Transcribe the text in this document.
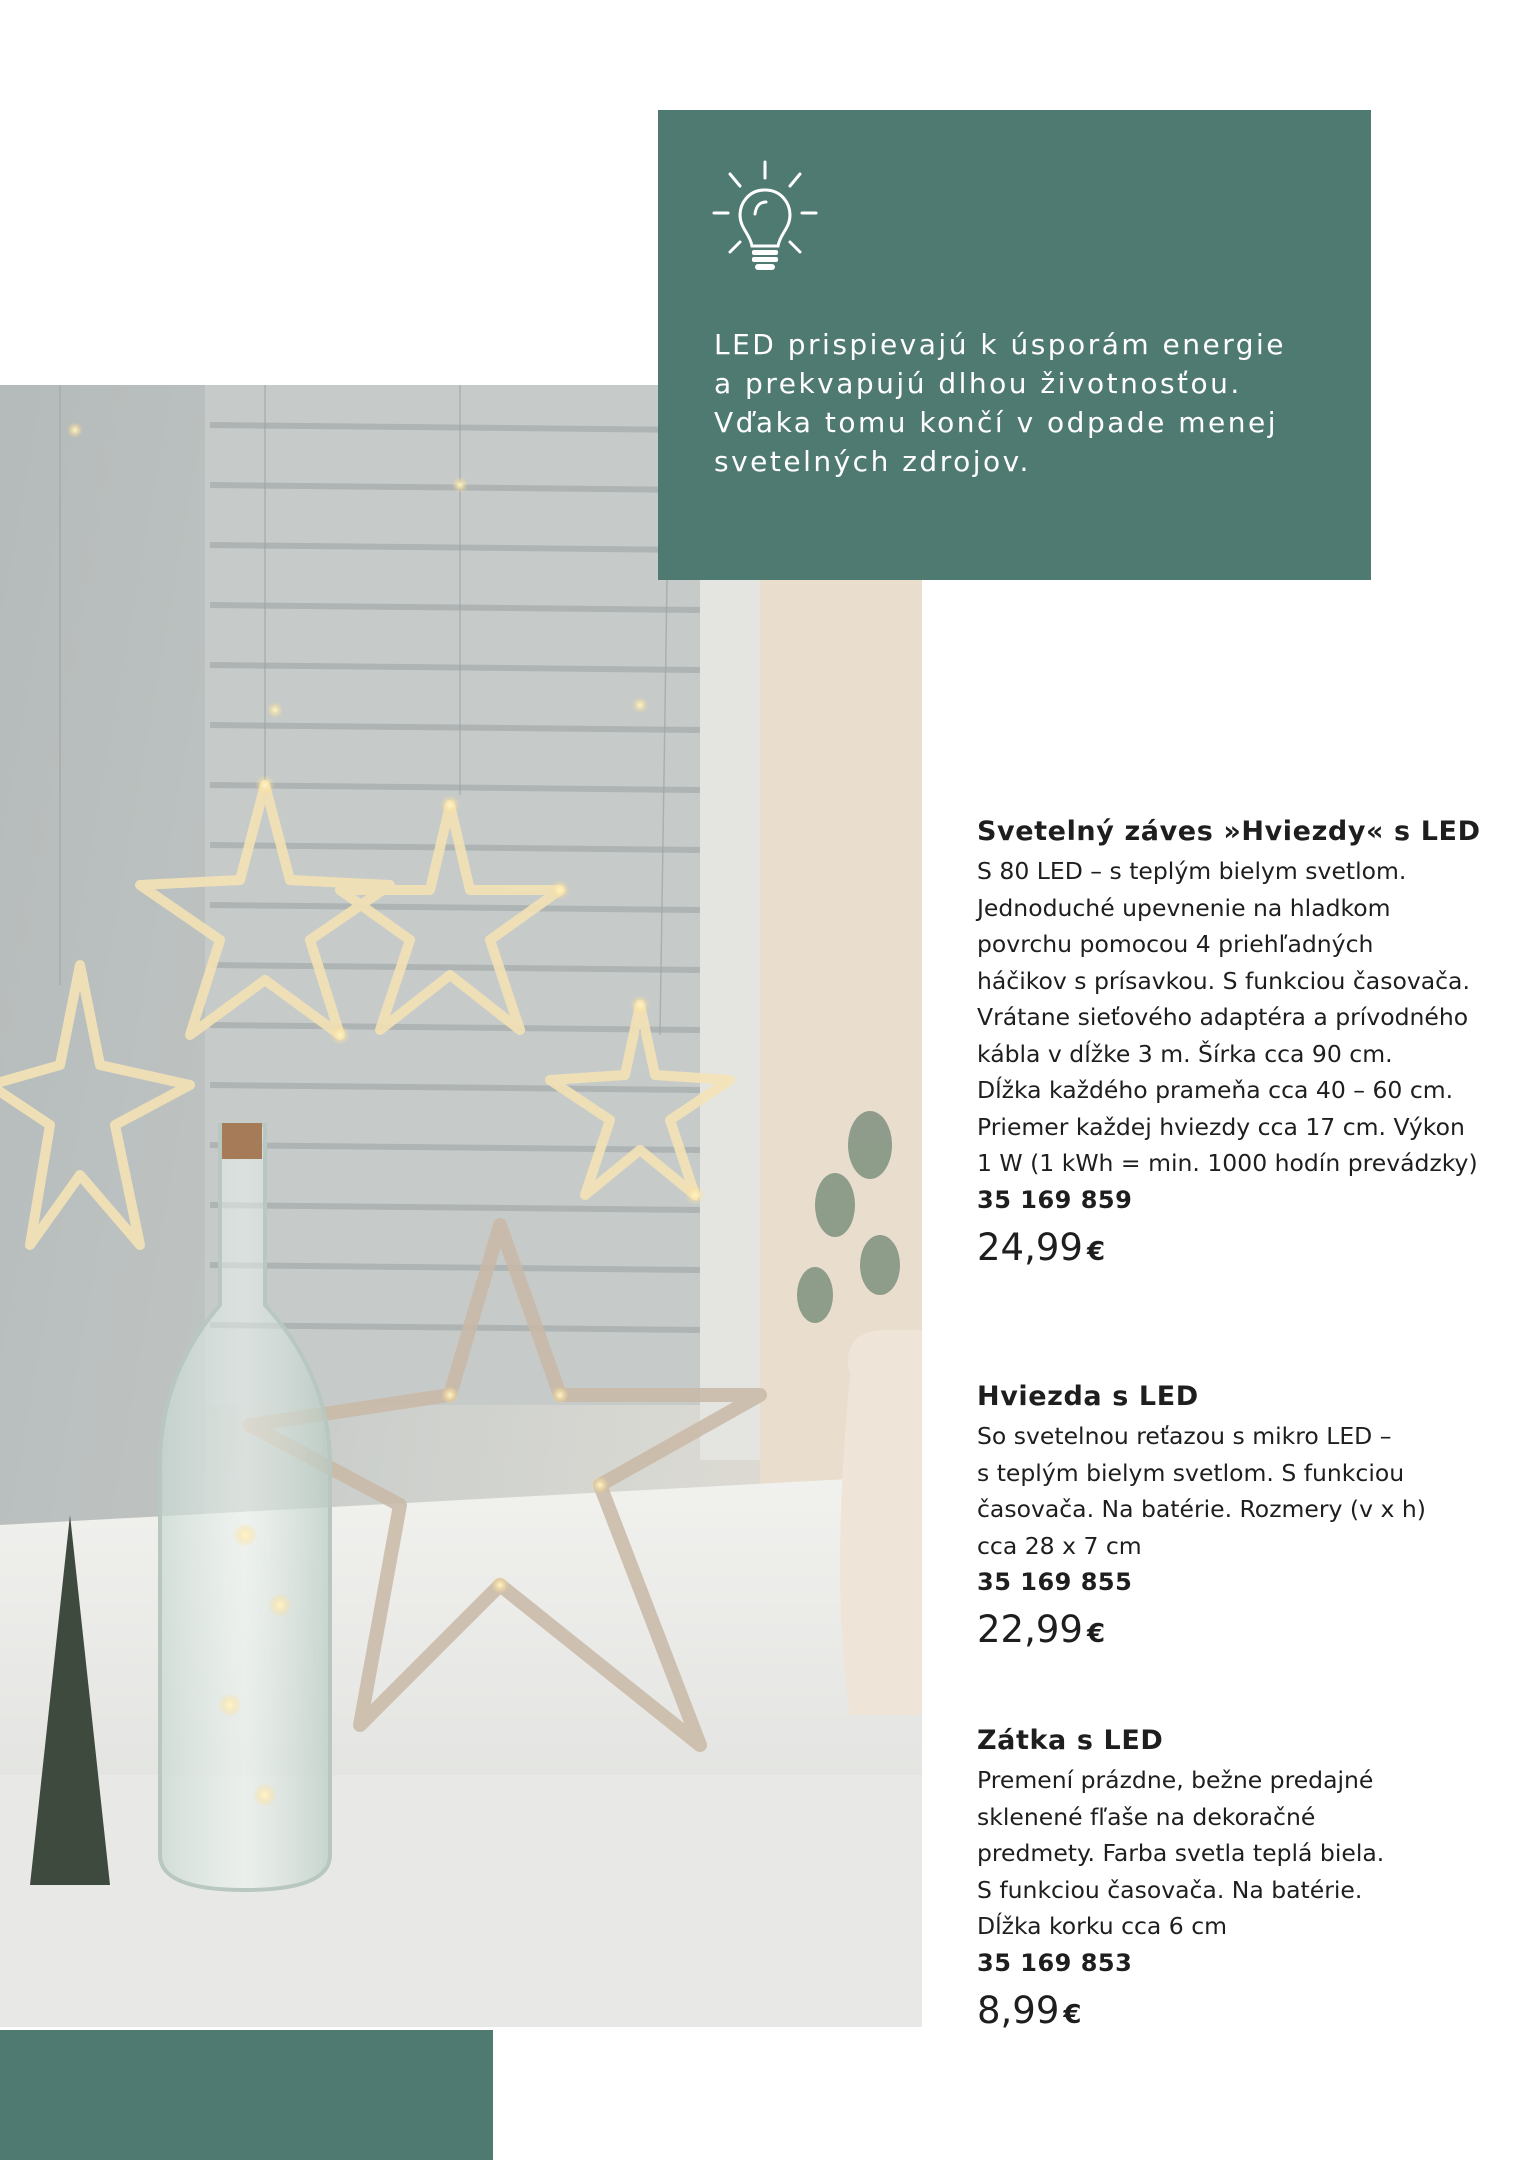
LED prispievajú k úsporám energie
a prekvapujú dlhou životnosťou.
Vďaka tomu končí v odpade menej
svetelných zdrojov.

Svetelný záves »Hviezdy« s LED

S 80 LED – s teplým bielym svetlom.
Jednoduché upevnenie na hladkom
povrchu pomocou 4 priehľadných
háčikov s prísavkou. S funkciou časovača.
Vrátane sieťového adaptéra a prívodného
kábla v dĺžke 3 m. Šírka cca 90 cm.
Dĺžka každého prameňa cca 40 – 60 cm.
Priemer každej hviezdy cca 17 cm. Výkon
1 W (1 kWh = min. 1000 hodín prevádzky)

35 169 859

24,99 €

Hviezda s LED

So svetelnou reťazou s mikro LED –
s teplým bielym svetlom. S funkciou
časovača. Na batérie. Rozmery (v x h)
cca 28 x 7 cm

35 169 855

22,99 €

Zátka s LED

Premení prázdne, bežne predajné
sklenené fľaše na dekoračné
predmety. Farba svetla teplá biela.
S funkciou časovača. Na batérie.
Dĺžka korku cca 6 cm

35 169 853

8,99 €
